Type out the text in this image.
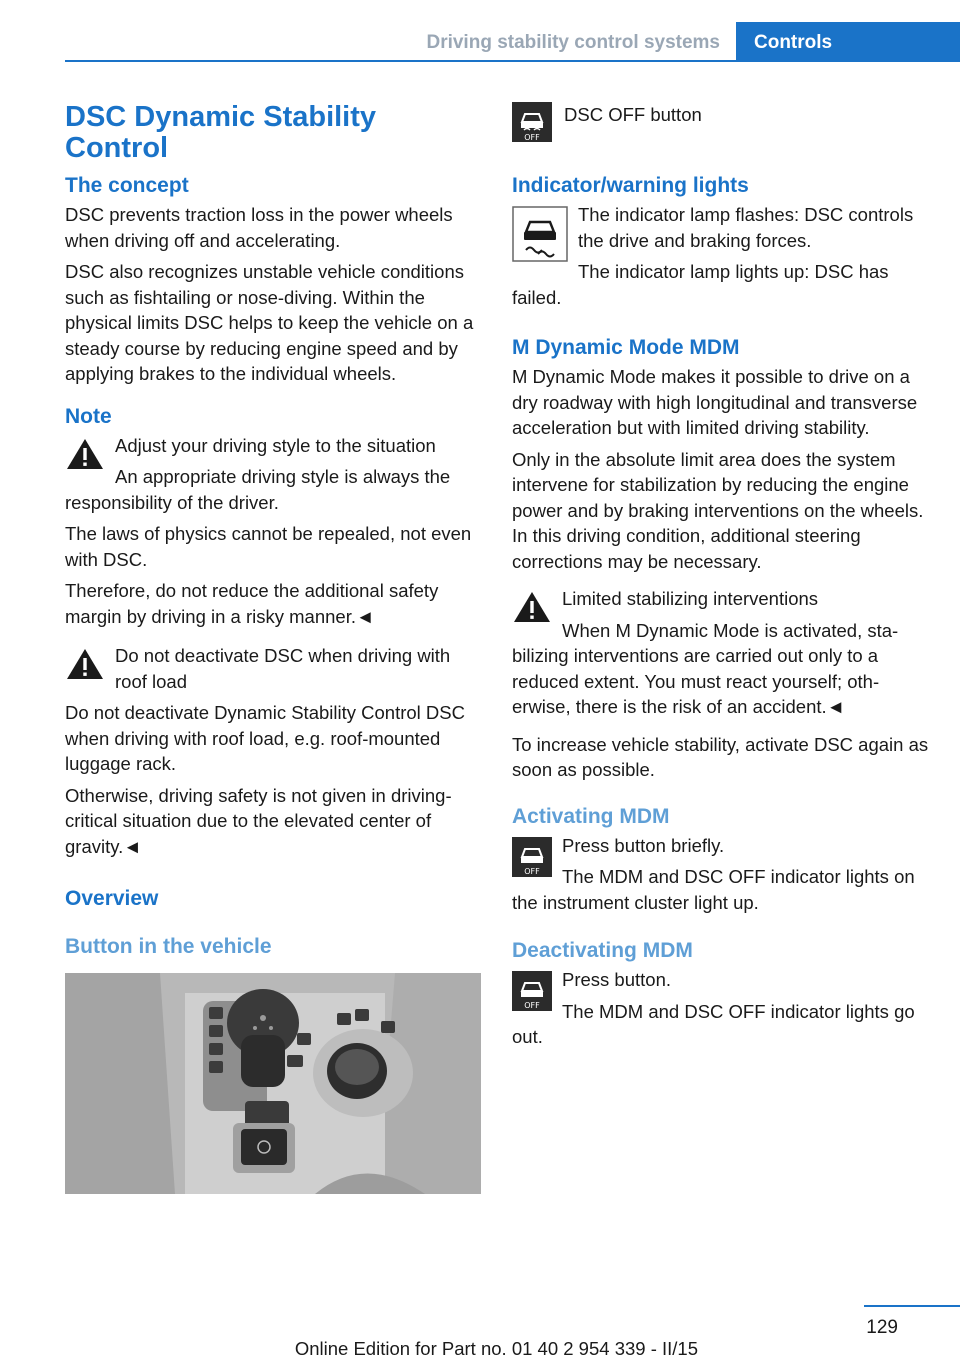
Driving stability control systems	Controls
DSC Dynamic Stability Control
The concept

DSC prevents traction loss in the power wheels when driving off and accelerating.

DSC also recognizes unstable vehicle conditions such as fishtailing or nose-diving. Within the physical limits DSC helps to keep the vehicle on a steady course by reducing engine speed and by applying brakes to the individual wheels.

Note

Adjust your driving style to the situation

An appropriate driving style is always the responsibility of the driver.

The laws of physics cannot be repealed, not even with DSC.

Therefore, do not reduce the additional safety margin by driving in a risky manner.◄

Do not deactivate DSC when driving with roof load

Do not deactivate Dynamic Stability Control DSC when driving with roof load, e.g. roof-mounted luggage rack.

Otherwise, driving safety is not given in driving-critical situation due to the elevated center of gravity.◄

Overview
Button in the vehicle
OFF

DSC OFF button

Indicator/warning lights

The indicator lamp flashes: DSC controls the drive and braking forces.

The indicator lamp lights up: DSC has failed.

M Dynamic Mode MDM

M Dynamic Mode makes it possible to drive on a dry roadway with high longitudinal and transverse acceleration but with limited driving stability.

Only in the absolute limit area does the system intervene for stabilization by reducing the engine power and by braking interventions on the wheels. In this driving condition, additional steering corrections may be necessary.

Limited stabilizing interventions

When M Dynamic Mode is activated, stabilizing interventions are carried out only to a reduced extent. You must react yourself; otherwise, there is the risk of an accident.◄

To increase vehicle stability, activate DSC again as soon as possible.

Activating MDM
OFF

Press button briefly.

The MDM and DSC OFF indicator lights on the instrument cluster light up.

Deactivating MDM
OFF

Press button.

The MDM and DSC OFF indicator lights go out.

129
Online Edition for Part no. 01 40 2 954 339 - II/15
